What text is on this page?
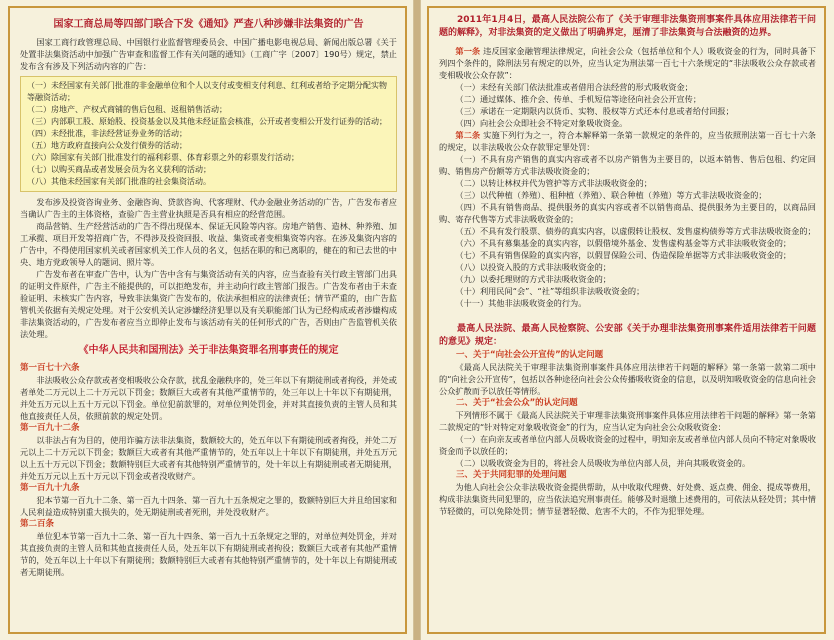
国家工商总局等四部门联合下发《通知》严查八种涉嫌非法集资的广告
国家工商行政管理总局、中国银行业监督管理委员会、中国广播电影电视总局、新闻出版总署《关于处置非法集资活动中加强广告审查和监督工作有关问题的通知》（工商广字〔2007〕190号）规定，禁止发布含有涉及下列活动内容的广告：
（一）未经国家有关部门批准的非金融单位和个人以支付或变相支付利息、红利或者给予定期分配实物等融资活动；
（二）房地产、产权式商铺的售后包租、返租销售活动；
（三）内部职工股、原始股、投资基金以及其他未经证监会核准，公开或者变相公开发行证券的活动；
（四）未经批准，非法经营证券业务的活动；
（五）地方政府直接向公众发行债券的活动；
（六）除国家有关部门批准发行的福利彩票、体育彩票之外的彩票发行活动；
（七）以购买商品或者发展会员为名义获利的活动；
（八）其他未经国家有关部门批准的社会集资活动。
发布涉及投资咨询业务、金融咨询、贷款咨询、代客理财、代办金融业务活动的广告，广告发布者应当确认广告主的主体资格，查验广告主营业执照是否具有相应的经营范围。
商品营销、生产经营活动的广告不得出现保本、保证无风险等内容。房地产销售、造林、种养殖、加工承揽、项目开发等招商广告，不得涉及投资回报、收益、集资或者变相集资等内容。在涉及集资内容的广告中，不得使用国家机关或者国家机关工作人员的名义，包括在职的和已离职的，健在的和已去世的中央、地方党政领导人的题词、照片等。
广告发布者在审查广告中，认为广告中含有与集资活动有关的内容，应当查验有关行政主管部门出具的证明文件原件，广告主不能提供的，可以拒绝发布，并主动向行政主管部门报告。广告发布者由于未查验证明、未核实广告内容，导致非法集资广告发布的，依法承担相应的法律责任；情节严重的，由广告监管机关依据有关规定处理。对于公安机关认定涉嫌经济犯罪以及有关职能部门认为已经构成或者涉嫌构成非法集资活动的，广告发布者应当立即停止发布与该活动有关的任何形式的广告，否则由广告监管机关依法处理。
《中华人民共和国刑法》关于非法集资罪名刑事责任的规定
第一百七十六条
非法吸收公众存款或者变相吸收公众存款，扰乱金融秩序的，处三年以下有期徒刑或者拘役，并处或者单处二万元以上二十万元以下罚金；数额巨大或者有其他严重情节的，处三年以上十年以下有期徒刑，并处五万元以上五十万元以下罚金。单位犯前款罪的，对单位判处罚金，并对其直接负责的主管人员和其他直接责任人员，依照前款的规定处罚。
第一百九十二条
以非法占有为目的，使用诈骗方法非法集资，数额较大的，处五年以下有期徒刑或者拘役，并处二万元以上二十万元以下罚金；数额巨大或者有其他严重情节的，处五年以上十年以下有期徒刑，并处五万元以上五十万元以下罚金；数额特别巨大或者有其他特别严重情节的，处十年以上有期徒刑或者无期徒刑，并处五万元以上五十万元以下罚金或者没收财产。
第一百九十九条
犯本节第一百九十二条、第一百九十四条、第一百九十五条规定之罪的，数额特别巨大并且给国家和人民利益造成特别重大损失的，处无期徒刑或者死刑，并处没收财产。
第二百条
单位犯本节第一百九十二条、第一百九十四条、第一百九十五条规定之罪的，对单位判处罚金，并对其直接负责的主管人员和其他直接责任人员，处五年以下有期徒刑或者拘役；数额巨大或者有其他严重情节的，处五年以上十年以下有期徒刑；数额特别巨大或者有其他特别严重情节的，处十年以上有期徒刑或者无期徒刑。
2011年1月4日，最高人民法院公布了《关于审理非法集资刑事案件具体应用法律若干问题的解释》，对非法集资的定义做出了明确界定，厘清了非法集资与合法融资的边界。
第一条 违反国家金融管理法律规定，向社会公众（包括单位和个人）吸收资金的行为，同时具备下列四个条件的，除刑法另有规定的以外，应当认定为刑法第一百七十六条规定的“非法吸收公众存款或者变相吸收公众存款”：
（一）未经有关部门依法批准或者借用合法经营的形式吸收资金；
（二）通过媒体、推介会、传单、手机短信等途径向社会公开宣传；
（三）承诺在一定期限内以货币、实物、股权等方式还本付息或者给付回报；
（四）向社会公众即社会不特定对象吸收资金。
第二条 实施下列行为之一，符合本解释第一条第一款规定的条件的，应当依照刑法第一百七十六条的规定，以非法吸收公众存款罪定罪处罚：
（一）不具有房产销售的真实内容或者不以房产销售为主要目的，以返本销售、售后包租、约定回购、销售房产份额等方式非法吸收资金的；
（二）以转让林权并代为管护等方式非法吸收资金的；
（三）以代种植（养殖）、租种植（养殖）、联合种植（养殖）等方式非法吸收资金的；
（四）不具有销售商品、提供服务的真实内容或者不以销售商品、提供服务为主要目的，以商品回购、寄存代售等方式非法吸收资金的；
（五）不具有发行股票、债券的真实内容，以虚假转让股权、发售虚构债券等方式非法吸收资金的；
（六）不具有募集基金的真实内容，以假借境外基金、发售虚构基金等方式非法吸收资金的；
（七）不具有销售保险的真实内容，以假冒保险公司、伪造保险单据等方式非法吸收资金的；
（八）以投资入股的方式非法吸收资金的；
（九）以委托理财的方式非法吸收资金的；
（十）利用民间“会”、“社”等组织非法吸收资金的；
（十一）其他非法吸收资金的行为。
最高人民法院、最高人民检察院、公安部《关于办理非法集资刑事案件适用法律若干问题的意见》规定：
一、关于“向社会公开宣传”的认定问题
《最高人民法院关于审理非法集资刑事案件具体应用法律若干问题的解释》第一条第一款第二项中的“向社会公开宣传”，包括以各种途径向社会公众传播吸收资金的信息，以及明知吸收资金的信息向社会公众扩散而予以放任等情形。
二、关于“社会公众”的认定问题
下列情形不属于《最高人民法院关于审理非法集资刑事案件具体应用法律若干问题的解释》第一条第二款规定的“针对特定对象吸收资金”的行为，应当认定为向社会公众吸收资金：
（一）在向亲友或者单位内部人员吸收资金的过程中，明知亲友或者单位内部人员向不特定对象吸收资金而予以放任的；
（二）以吸收资金为目的，将社会人员吸收为单位内部人员，并向其吸收资金的。
三、关于共同犯罪的处理问题
为他人向社会公众非法吸收资金提供帮助，从中收取代理费、好处费、返点费、佣金、提成等费用，构成非法集资共同犯罪的，应当依法追究刑事责任。能够及时退缴上述费用的，可依法从轻处罚；其中情节轻微的，可以免除处罚；情节显著轻微、危害不大的，不作为犯罪处理。
